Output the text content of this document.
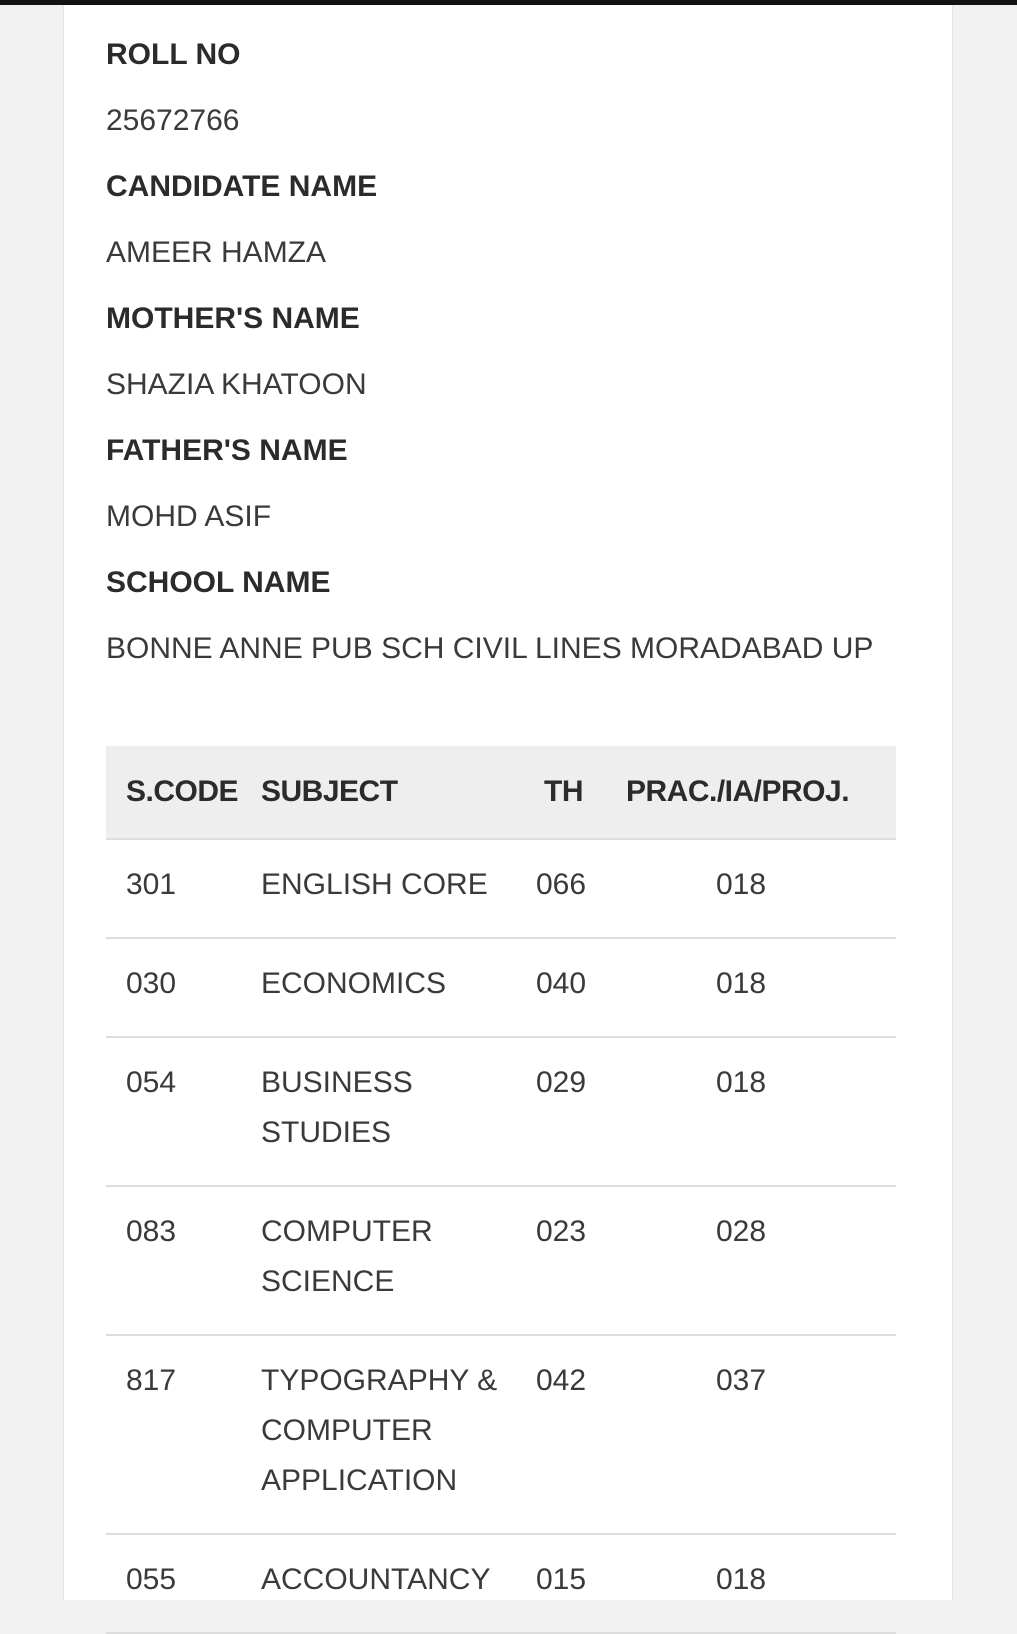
ROLL NO
25672766
CANDIDATE NAME
AMEER HAMZA
MOTHER'S NAME
SHAZIA KHATOON
FATHER'S NAME
MOHD ASIF
SCHOOL NAME
BONNE ANNE PUB SCH CIVIL LINES MORADABAD UP
S.CODE	SUBJECT	TH	PRAC./IA/PROJ.

301	ENGLISH CORE	066	018

030	ECONOMICS	040	018

054	BUSINESS STUDIES	029	018

083	COMPUTER SCIENCE	023	028

817	TYPOGRAPHY & COMPUTER APPLICATION	042	037

055	ACCOUNTANCY	015	018
